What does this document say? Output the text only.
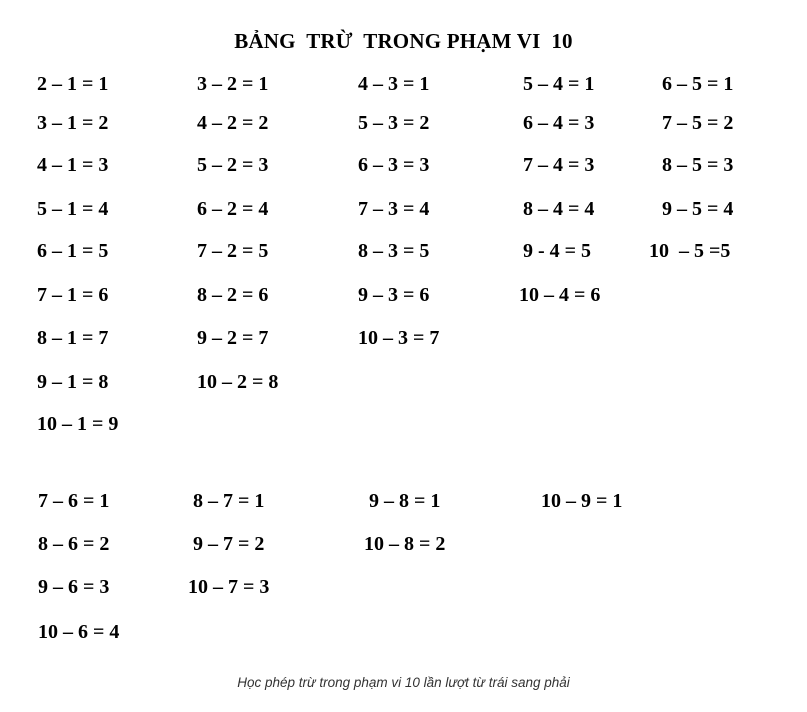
BẢNG  TRỪ  TRONG PHẠM VI  10
2 – 1 = 1
3 – 1 = 2
4 – 1 = 3
5 – 1 = 4
6 – 1 = 5
7 – 1 = 6
8 – 1 = 7
9 – 1 = 8
10 – 1 = 9
3 – 2 = 1
4 – 2 = 2
5 – 2 = 3
6 – 2 = 4
7 – 2 = 5
8 – 2 = 6
9 – 2 = 7
10 – 2 = 8
4 – 3 = 1
5 – 3 = 2
6 – 3 = 3
7 – 3 = 4
8 – 3 = 5
9 – 3 = 6
10 – 3 = 7
5 – 4 = 1
6 – 4 = 3
7 – 4 = 3
8 – 4 = 4
9 - 4 = 5
10 – 4 = 6
6 – 5 = 1
7 – 5 = 2
8 – 5 = 3
9 – 5 = 4
10  – 5 =5
7 – 6 = 1
8 – 6 = 2
9 – 6 = 3
10 – 6 = 4
8 – 7 = 1
9 – 7 = 2
10 – 7 = 3
9 – 8 = 1
10 – 8 = 2
10 – 9 = 1
Học phép trừ trong phạm vi 10 lần lượt từ trái sang phải
